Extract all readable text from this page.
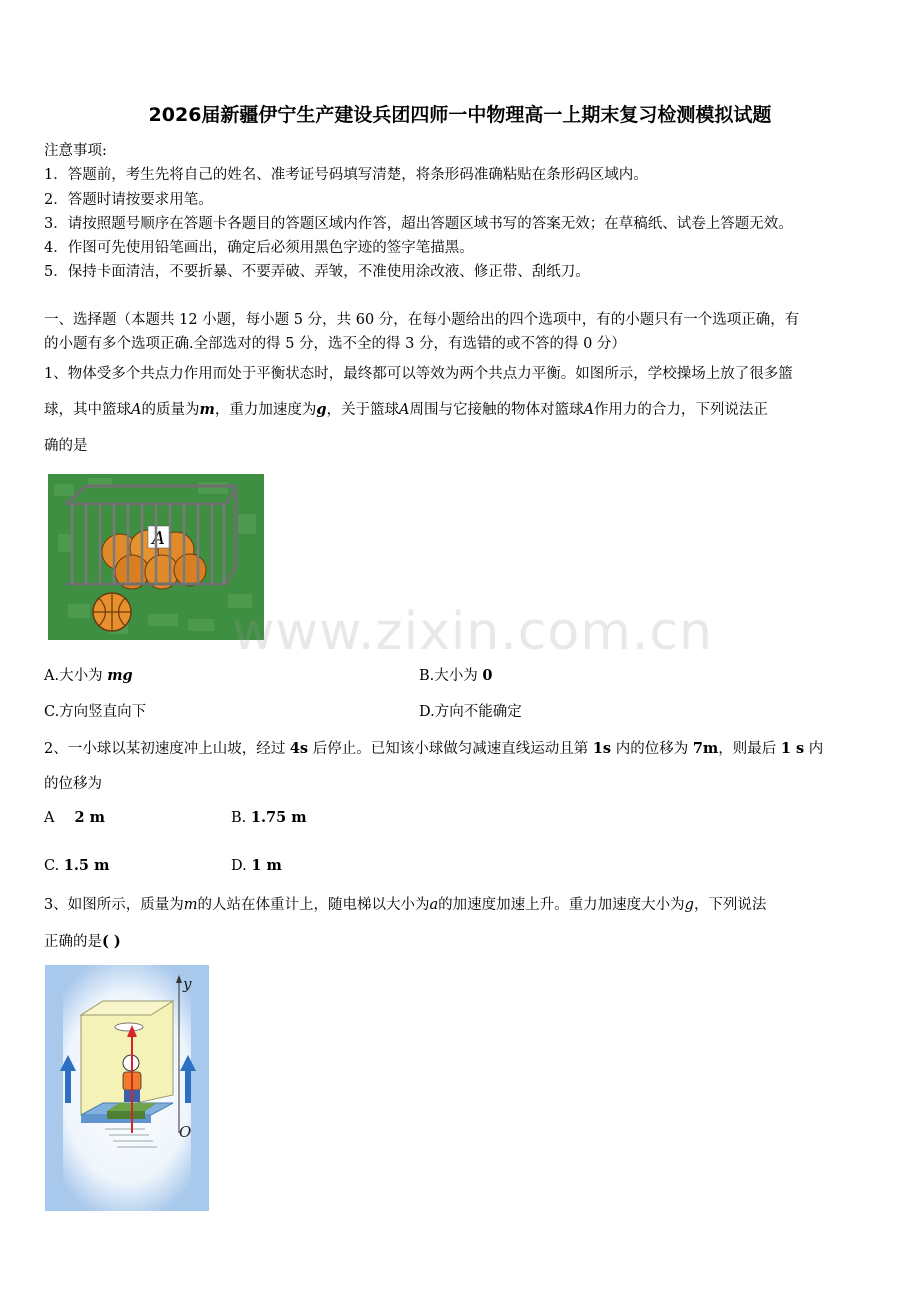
2026届新疆伊宁生产建设兵团四师一中物理高一上期末复习检测模拟试题
注意事项:
1．答题前，考生先将自己的姓名、准考证号码填写清楚，将条形码准确粘贴在条形码区域内。
2．答题时请按要求用笔。
3．请按照题号顺序在答题卡各题目的答题区域内作答，超出答题区域书写的答案无效；在草稿纸、试卷上答题无效。
4．作图可先使用铅笔画出，确定后必须用黑色字迹的签字笔描黑。
5．保持卡面清洁，不要折暴、不要弄破、弄皱，不准使用涂改液、修正带、刮纸刀。
一、选择题（本题共 12 小题，每小题 5 分，共 60 分，在每小题给出的四个选项中，有的小题只有一个选项正确，有
的小题有多个选项正确.全部选对的得 5 分，选不全的得 3 分，有选错的或不答的得 0 分）
1、物体受多个共点力作用而处于平衡状态时，最终都可以等效为两个共点力平衡。如图所示，学校操场上放了很多篮
球，其中篮球A的质量为m，重力加速度为g，关于篮球A周围与它接触的物体对篮球A作用力的合力，下列说法正
确的是
A
www.zixin.com.cn
A.大小为 mg	B.大小为 0
C.方向竖直向下	D.方向不能确定
2、一小球以某初速度冲上山坡，经过 4s 后停止。已知该小球做匀减速直线运动且第 1s 内的位移为 7m，则最后 1 s 内
的位移为
A 2 m	B. 1.75 m
C. 1.5 m	D. 1 m
3、如图所示，质量为m的人站在体重计上，随电梯以大小为a的加速度加速上升。重力加速度大小为g，下列说法
正确的是( )
y
O
